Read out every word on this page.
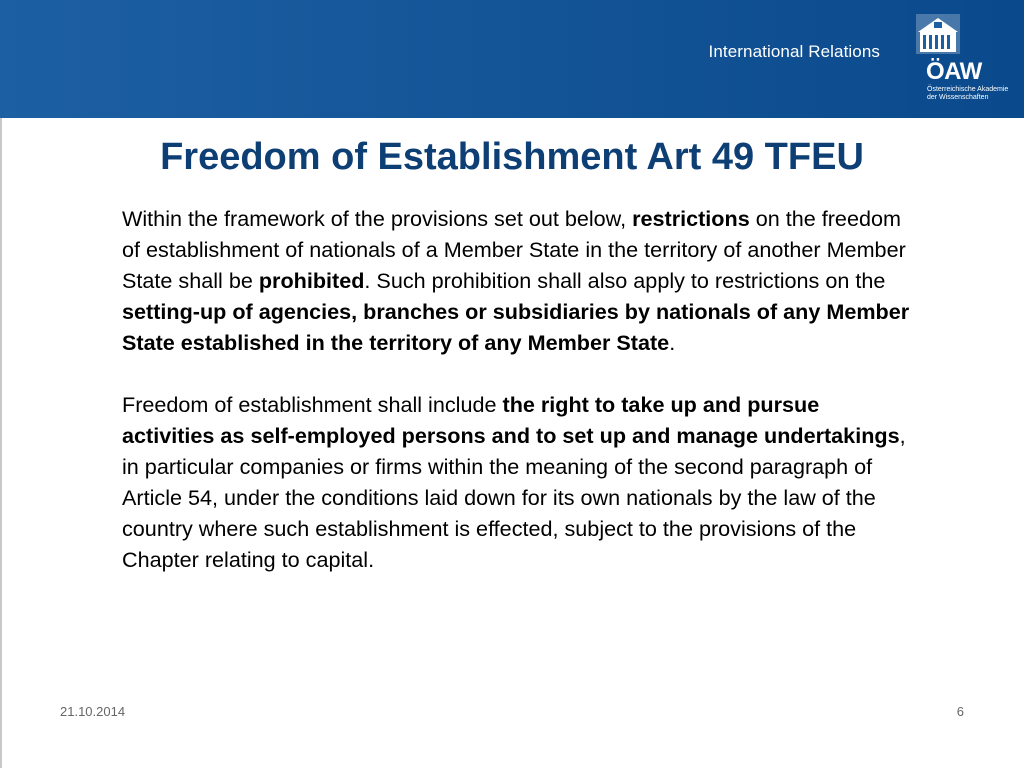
International Relations
ÖAW
Österreichische Akademie
der Wissenschaften
Freedom of Establishment Art 49 TFEU

Within the framework of the provisions set out below, restrictions on the freedom of establishment of nationals of a Member State in the territory of another Member State shall be prohibited. Such prohibition shall also apply to restrictions on the setting-up of agencies, branches or subsidiaries by nationals of any Member State established in the territory of any Member State.

Freedom of establishment shall include the right to take up and pursue activities as self-employed persons and to set up and manage undertakings, in particular companies or firms within the meaning of the second paragraph of Article 54, under the conditions laid down for its own nationals by the law of the country where such establishment is effected, subject to the provisions of the Chapter relating to capital.

21.10.2014	6
